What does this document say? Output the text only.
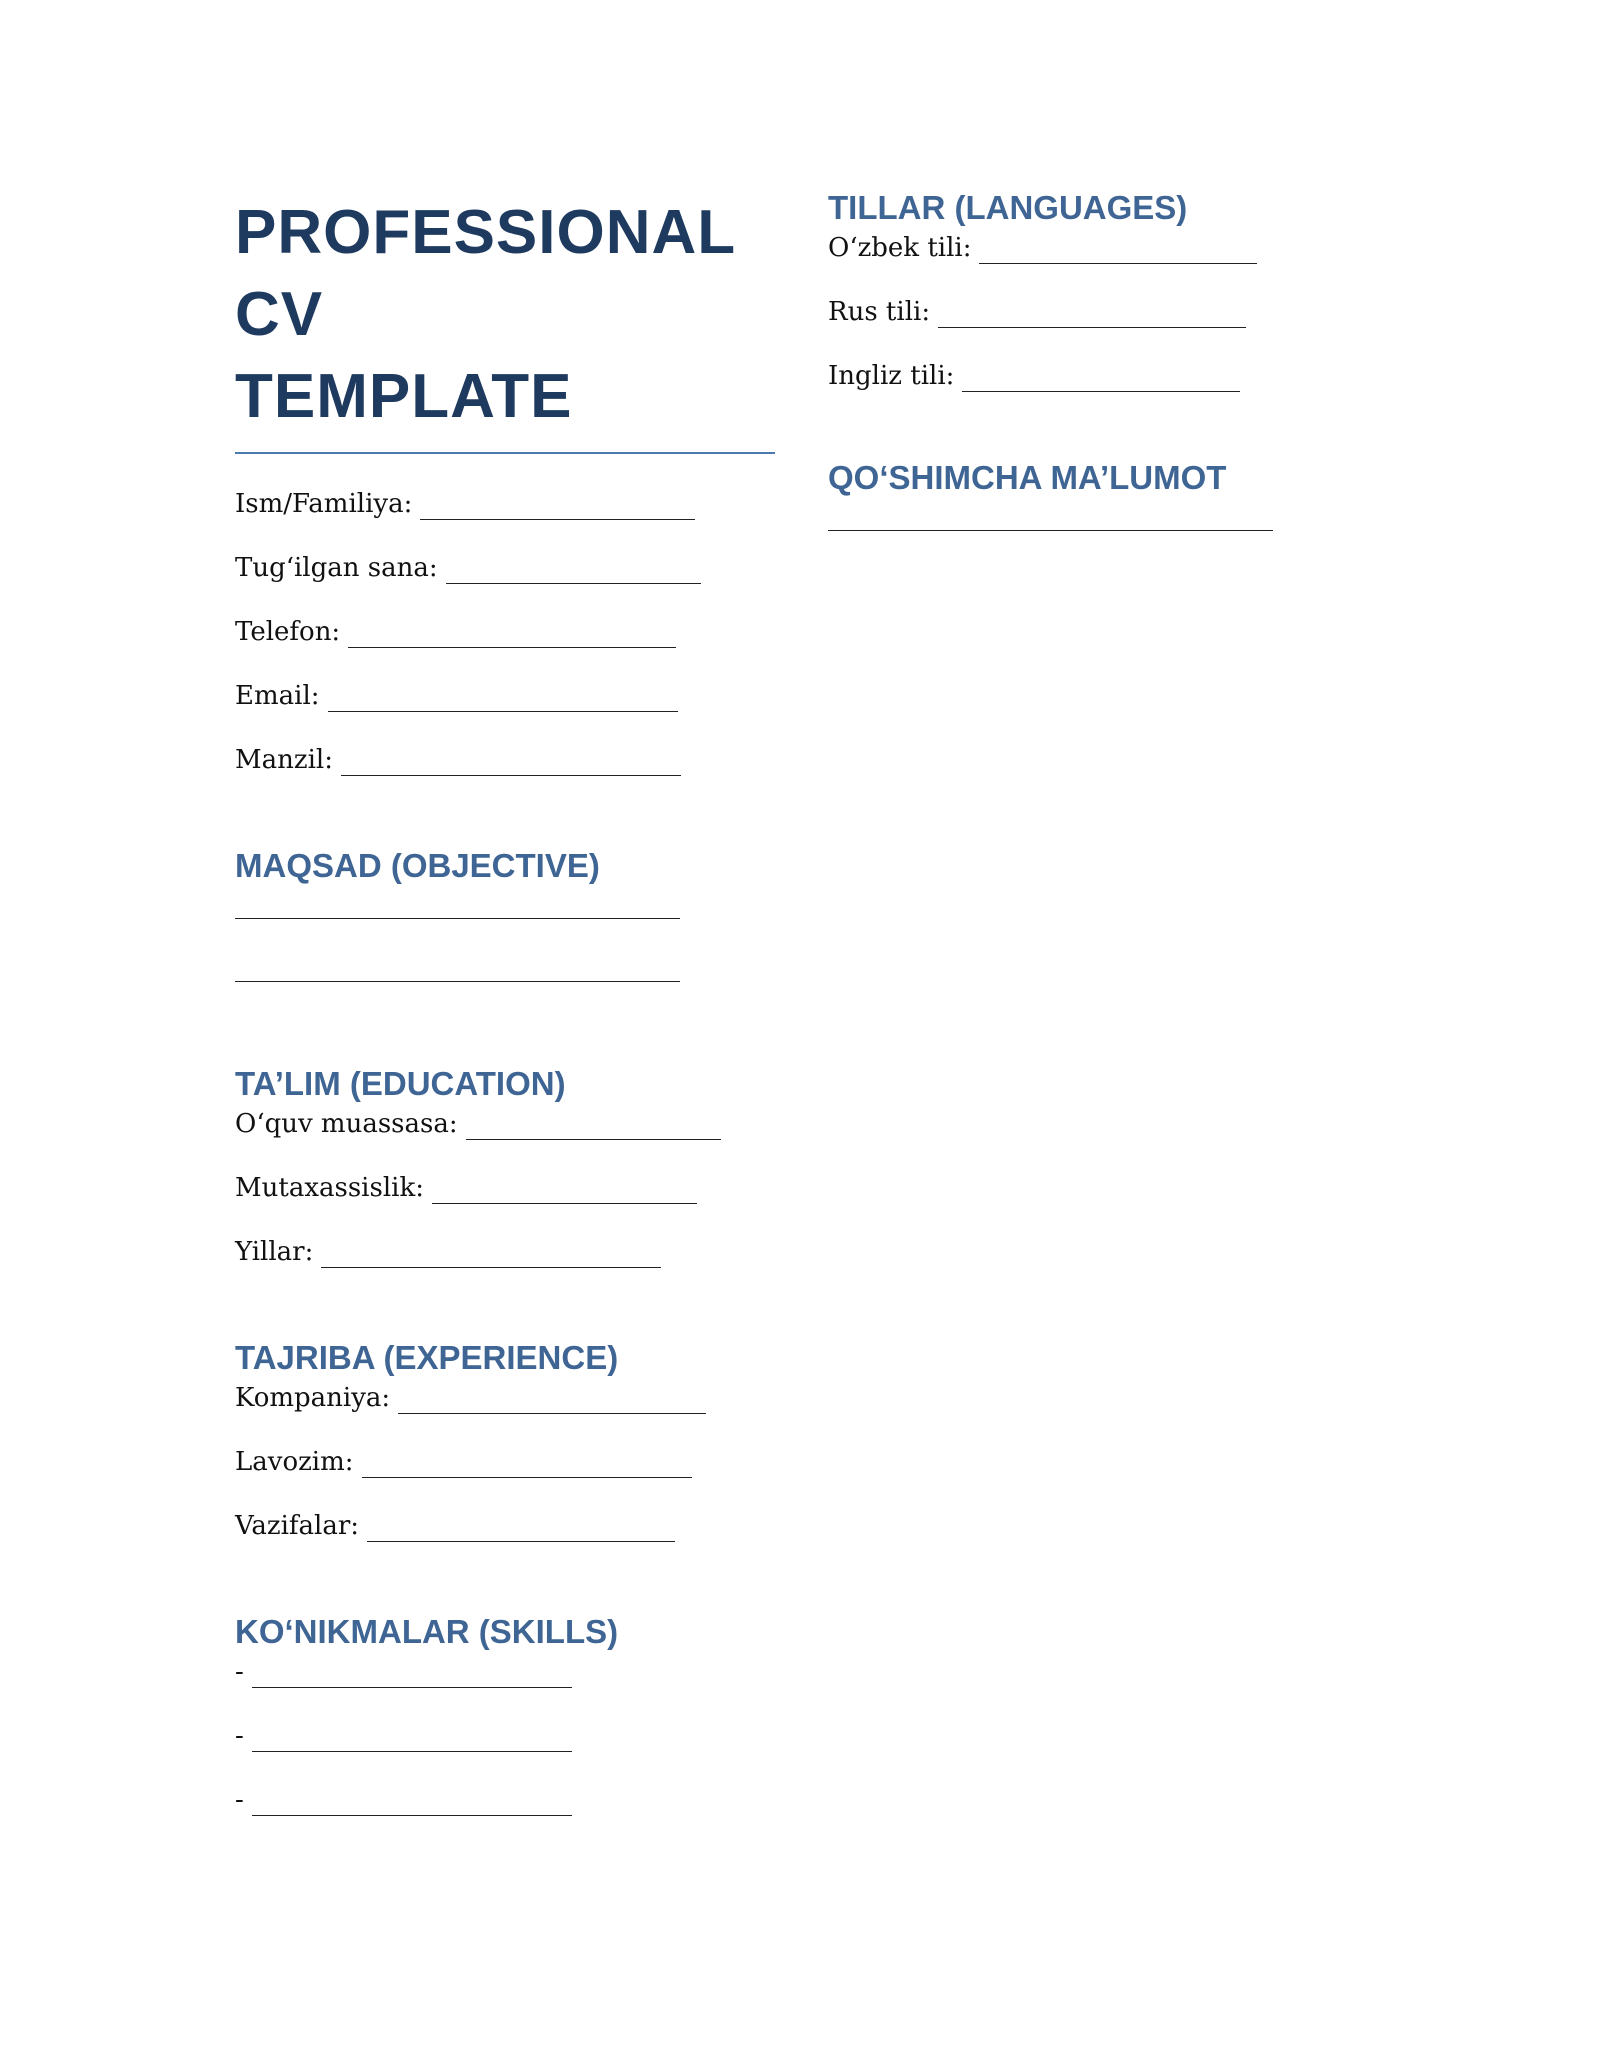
PROFESSIONAL CV
TEMPLATE
Ism/Familiya:
Tug‘ilgan sana:
Telefon:
Email:
Manzil:
MAQSAD (OBJECTIVE)
TA’LIM (EDUCATION)
O‘quv muassasa:
Mutaxassislik:
Yillar:
TAJRIBA (EXPERIENCE)
Kompaniya:
Lavozim:
Vazifalar:
KO‘NIKMALAR (SKILLS)
-
-
-
TILLAR (LANGUAGES)
O‘zbek tili:
Rus tili:
Ingliz tili:
QO‘SHIMCHA MA’LUMOT
